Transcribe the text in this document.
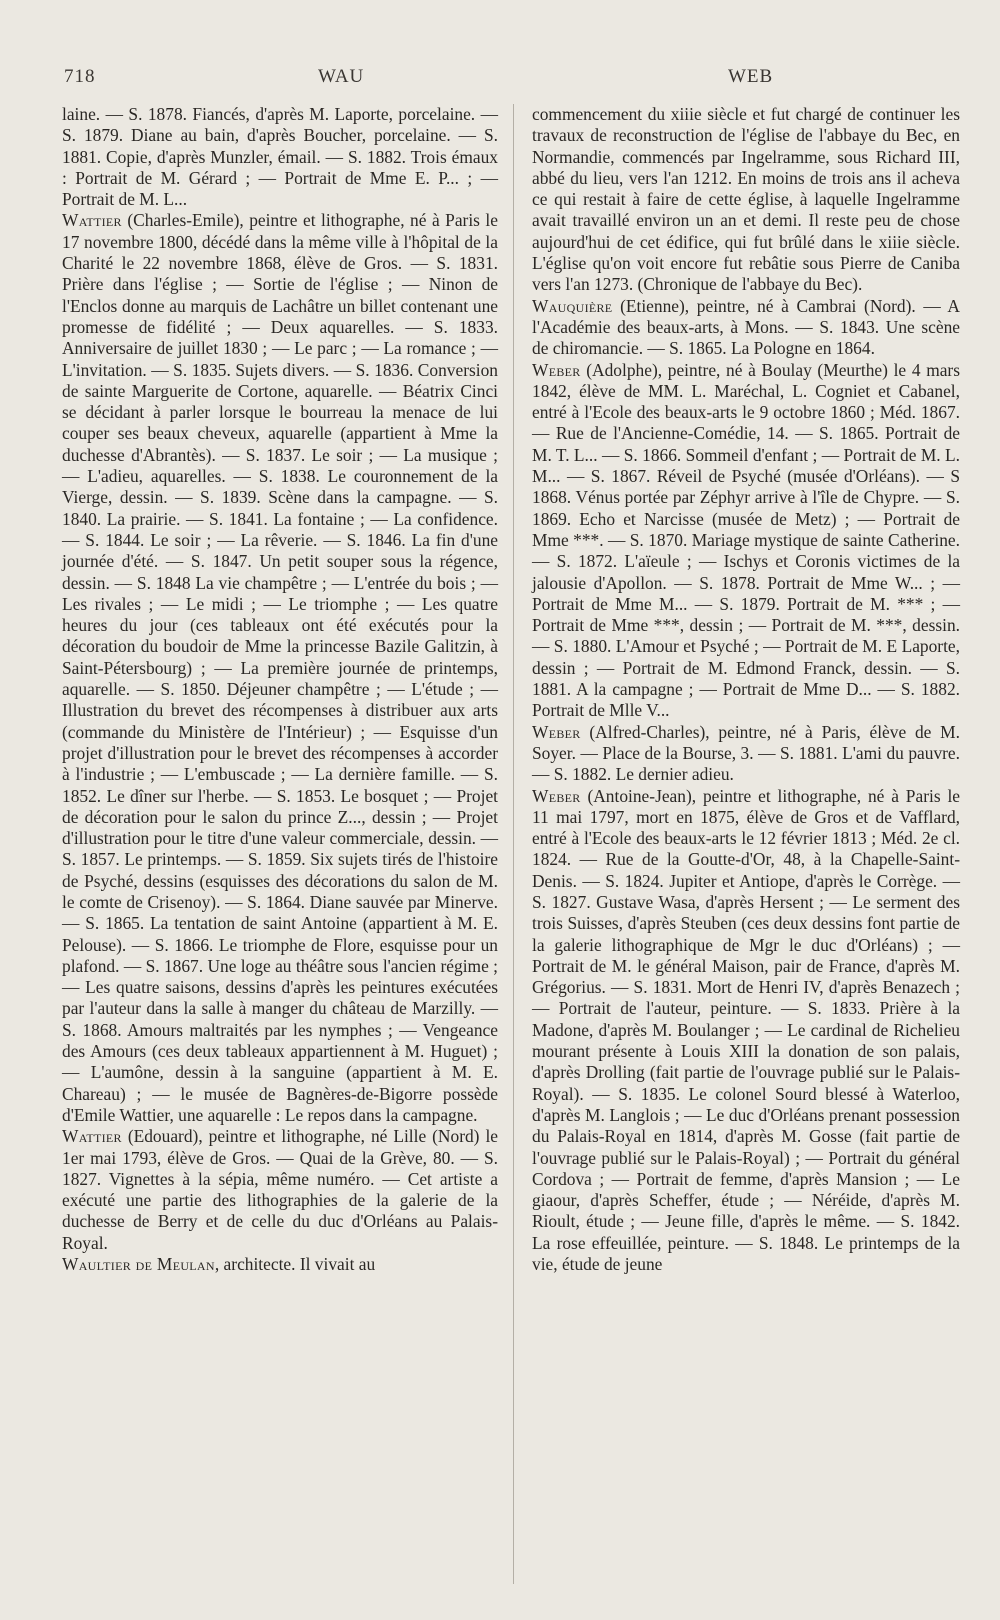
718	WAU	WEB

laine. — S. 1878. Fiancés, d'après M. Laporte, porcelaine. — S. 1879. Diane au bain, d'après Boucher, porcelaine. — S. 1881. Copie, d'après Munzler, émail. — S. 1882. Trois émaux : Portrait de M. Gérard ; — Portrait de Mme E. P... ; — Portrait de M. L...

Wattier (Charles-Emile), peintre et lithographe, né à Paris le 17 novembre 1800, décédé dans la même ville à l'hôpital de la Charité le 22 novembre 1868, élève de Gros. — S. 1831. Prière dans l'église ; — Sortie de l'église ; — Ninon de l'Enclos donne au marquis de Lachâtre un billet contenant une promesse de fidélité ; — Deux aquarelles. — S. 1833. Anniversaire de juillet 1830 ; — Le parc ; — La romance ; — L'invitation. — S. 1835. Sujets divers. — S. 1836. Conversion de sainte Marguerite de Cortone, aquarelle. — Béatrix Cinci se décidant à parler lorsque le bourreau la menace de lui couper ses beaux cheveux, aquarelle (appartient à Mme la duchesse d'Abrantès). — S. 1837. Le soir ; — La musique ; — L'adieu, aquarelles. — S. 1838. Le couronnement de la Vierge, dessin. — S. 1839. Scène dans la campagne. — S. 1840. La prairie. — S. 1841. La fontaine ; — La confidence. — S. 1844. Le soir ; — La rêverie. — S. 1846. La fin d'une journée d'été. — S. 1847. Un petit souper sous la régence, dessin. — S. 1848 La vie champêtre ; — L'entrée du bois ; — Les rivales ; — Le midi ; — Le triomphe ; — Les quatre heures du jour (ces tableaux ont été exécutés pour la décoration du boudoir de Mme la princesse Bazile Galitzin, à Saint-Pétersbourg) ; — La première journée de printemps, aquarelle. — S. 1850. Déjeuner champêtre ; — L'étude ; — Illustration du brevet des récompenses à distribuer aux arts (commande du Ministère de l'Intérieur) ; — Esquisse d'un projet d'illustration pour le brevet des récompenses à accorder à l'industrie ; — L'embuscade ; — La dernière famille. — S. 1852. Le dîner sur l'herbe. — S. 1853. Le bosquet ; — Projet de décoration pour le salon du prince Z..., dessin ; — Projet d'illustration pour le titre d'une valeur commerciale, dessin. — S. 1857. Le printemps. — S. 1859. Six sujets tirés de l'histoire de Psyché, dessins (esquisses des décorations du salon de M. le comte de Crisenoy). — S. 1864. Diane sauvée par Minerve. — S. 1865. La tentation de saint Antoine (appartient à M. E. Pelouse). — S. 1866. Le triomphe de Flore, esquisse pour un plafond. — S. 1867. Une loge au théâtre sous l'ancien régime ; — Les quatre saisons, dessins d'après les peintures exécutées par l'auteur dans la salle à manger du château de Marzilly. — S. 1868. Amours maltraités par les nymphes ; — Vengeance des Amours (ces deux tableaux appartiennent à M. Huguet) ; — L'aumône, dessin à la sanguine (appartient à M. E. Chareau) ; — le musée de Bagnères-de-Bigorre possède d'Emile Wattier, une aquarelle : Le repos dans la campagne.

Wattier (Edouard), peintre et lithographe, né Lille (Nord) le 1er mai 1793, élève de Gros. — Quai de la Grève, 80. — S. 1827. Vignettes à la sépia, même numéro. — Cet artiste a exécuté une partie des lithographies de la galerie de la duchesse de Berry et de celle du duc d'Orléans au Palais-Royal.

Waultier de Meulan, architecte. Il vivait au

commencement du xiiie siècle et fut chargé de continuer les travaux de reconstruction de l'église de l'abbaye du Bec, en Normandie, commencés par Ingelramme, sous Richard III, abbé du lieu, vers l'an 1212. En moins de trois ans il acheva ce qui restait à faire de cette église, à laquelle Ingelramme avait travaillé environ un an et demi. Il reste peu de chose aujourd'hui de cet édifice, qui fut brûlé dans le xiiie siècle. L'église qu'on voit encore fut rebâtie sous Pierre de Caniba vers l'an 1273. (Chronique de l'abbaye du Bec).

Wauquière (Etienne), peintre, né à Cambrai (Nord). — A l'Académie des beaux-arts, à Mons. — S. 1843. Une scène de chiromancie. — S. 1865. La Pologne en 1864.

Weber (Adolphe), peintre, né à Boulay (Meurthe) le 4 mars 1842, élève de MM. L. Maréchal, L. Cogniet et Cabanel, entré à l'Ecole des beaux-arts le 9 octobre 1860 ; Méd. 1867. — Rue de l'Ancienne-Comédie, 14. — S. 1865. Portrait de M. T. L... — S. 1866. Sommeil d'enfant ; — Portrait de M. L. M... — S. 1867. Réveil de Psyché (musée d'Orléans). — S 1868. Vénus portée par Zéphyr arrive à l'île de Chypre. — S. 1869. Echo et Narcisse (musée de Metz) ; — Portrait de Mme ***. — S. 1870. Mariage mystique de sainte Catherine. — S. 1872. L'aïeule ; — Ischys et Coronis victimes de la jalousie d'Apollon. — S. 1878. Portrait de Mme W... ; — Portrait de Mme M... — S. 1879. Portrait de M. *** ; — Portrait de Mme ***, dessin ; — Portrait de M. ***, dessin. — S. 1880. L'Amour et Psyché ; — Portrait de M. E Laporte, dessin ; — Portrait de M. Edmond Franck, dessin. — S. 1881. A la campagne ; — Portrait de Mme D... — S. 1882. Portrait de Mlle V...

Weber (Alfred-Charles), peintre, né à Paris, élève de M. Soyer. — Place de la Bourse, 3. — S. 1881. L'ami du pauvre. — S. 1882. Le dernier adieu.

Weber (Antoine-Jean), peintre et lithographe, né à Paris le 11 mai 1797, mort en 1875, élève de Gros et de Vafflard, entré à l'Ecole des beaux-arts le 12 février 1813 ; Méd. 2e cl. 1824. — Rue de la Goutte-d'Or, 48, à la Chapelle-Saint-Denis. — S. 1824. Jupiter et Antiope, d'après le Corrège. — S. 1827. Gustave Wasa, d'après Hersent ; — Le serment des trois Suisses, d'après Steuben (ces deux dessins font partie de la galerie lithographique de Mgr le duc d'Orléans) ; — Portrait de M. le général Maison, pair de France, d'après M. Grégorius. — S. 1831. Mort de Henri IV, d'après Benazech ; — Portrait de l'auteur, peinture. — S. 1833. Prière à la Madone, d'après M. Boulanger ; — Le cardinal de Richelieu mourant présente à Louis XIII la donation de son palais, d'après Drolling (fait partie de l'ouvrage publié sur le Palais-Royal). — S. 1835. Le colonel Sourd blessé à Waterloo, d'après M. Langlois ; — Le duc d'Orléans prenant possession du Palais-Royal en 1814, d'après M. Gosse (fait partie de l'ouvrage publié sur le Palais-Royal) ; — Portrait du général Cordova ; — Portrait de femme, d'après Mansion ; — Le giaour, d'après Scheffer, étude ; — Néréide, d'après M. Rioult, étude ; — Jeune fille, d'après le même. — S. 1842. La rose effeuillée, peinture. — S. 1848. Le printemps de la vie, étude de jeune
